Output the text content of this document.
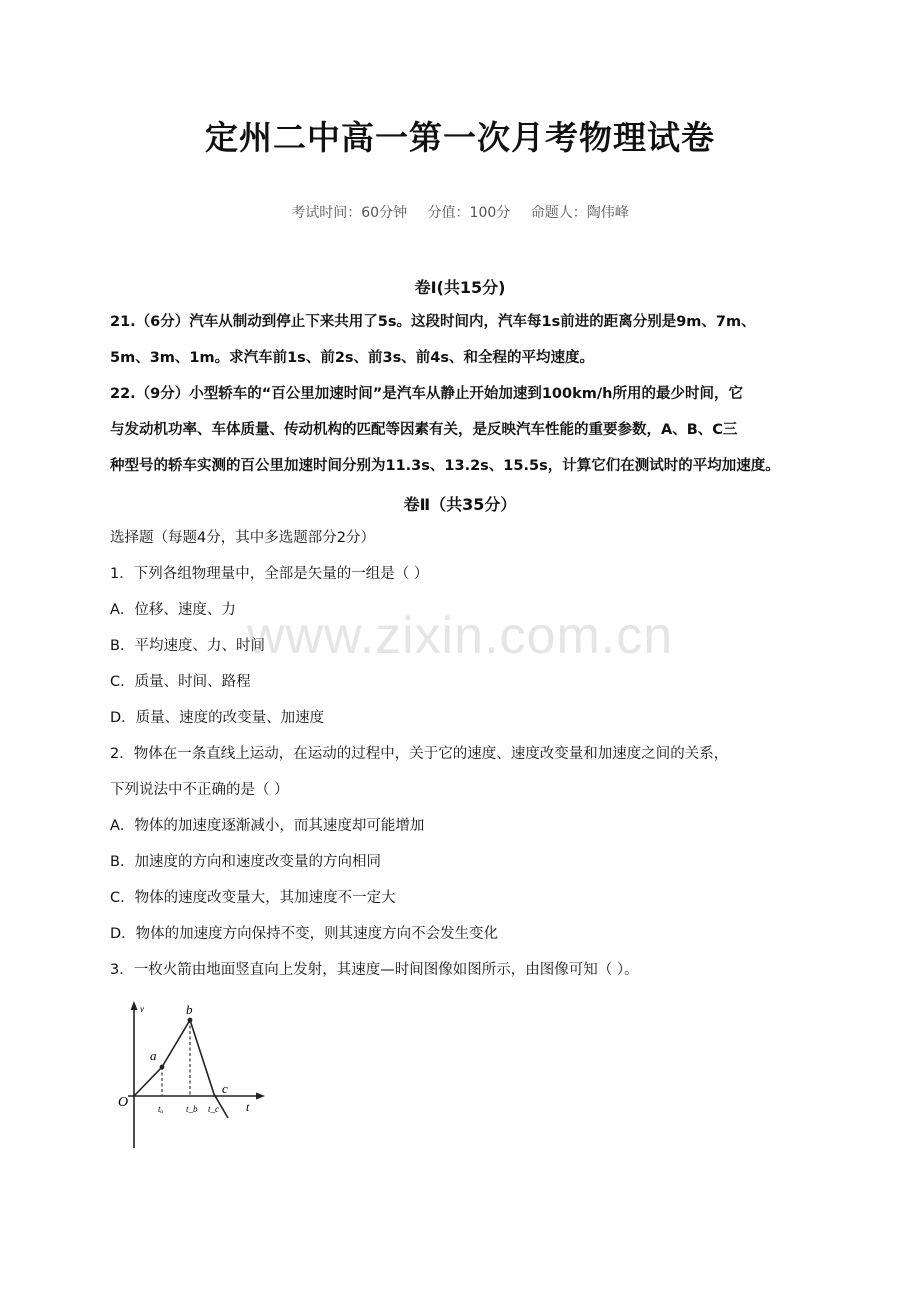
定州二中高一第一次月考物理试卷
考试时间：60分钟 分值：100分 命题人：陶伟峰
卷Ⅰ(共15分)
21.（6分）汽车从制动到停止下来共用了5s。这段时间内，汽车每1s前进的距离分别是9m、7m、
5m、3m、1m。求汽车前1s、前2s、前3s、前4s、和全程的平均速度。
22.（9分）小型轿车的“百公里加速时间”是汽车从静止开始加速到100km/h所用的最少时间，它
与发动机功率、车体质量、传动机构的匹配等因素有关，是反映汽车性能的重要参数，A、B、C三
种型号的轿车实测的百公里加速时间分别为11.3s、13.2s、15.5s，计算它们在测试时的平均加速度。
卷Ⅱ（共35分）
选择题（每题4分，其中多选题部分2分）
1．下列各组物理量中，全部是矢量的一组是（ ）
A．位移、速度、力
B．平均速度、力、时间
C．质量、时间、路程
D．质量、速度的改变量、加速度
2．物体在一条直线上运动，在运动的过程中，关于它的速度、速度改变量和加速度之间的关系，
下列说法中不正确的是（ ）
A．物体的加速度逐渐减小，而其速度却可能增加
B．加速度的方向和速度改变量的方向相同
C．物体的速度改变量大，其加速度不一定大
D．物体的加速度方向保持不变，则其速度方向不会发生变化
3．一枚火箭由地面竖直向上发射，其速度—时间图像如图所示，由图像可知（ ）。
v
t
O
a
b
c
tₐ	t_b t_c
www.zixin.com.cn
